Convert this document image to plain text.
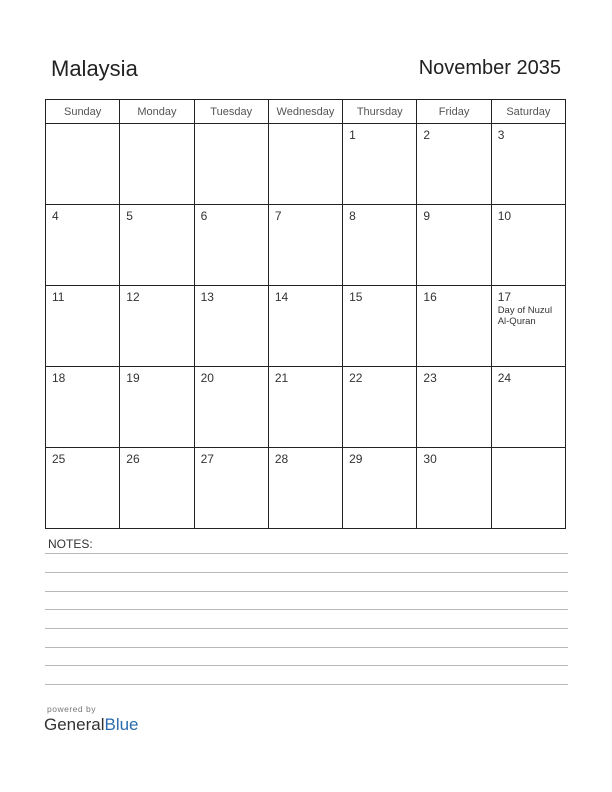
Malaysia	November 2035
Sunday	Monday	Tuesday	Wednesday	Thursday	Friday	Saturday

				1	2	3

4	5	6	7	8	9	10

11	12	13	14	15	16	17
Day of Nuzul Al-Quran

18	19	20	21	22	23	24

25	26	27	28	29	30	

NOTES:
powered by
GeneralBlue
